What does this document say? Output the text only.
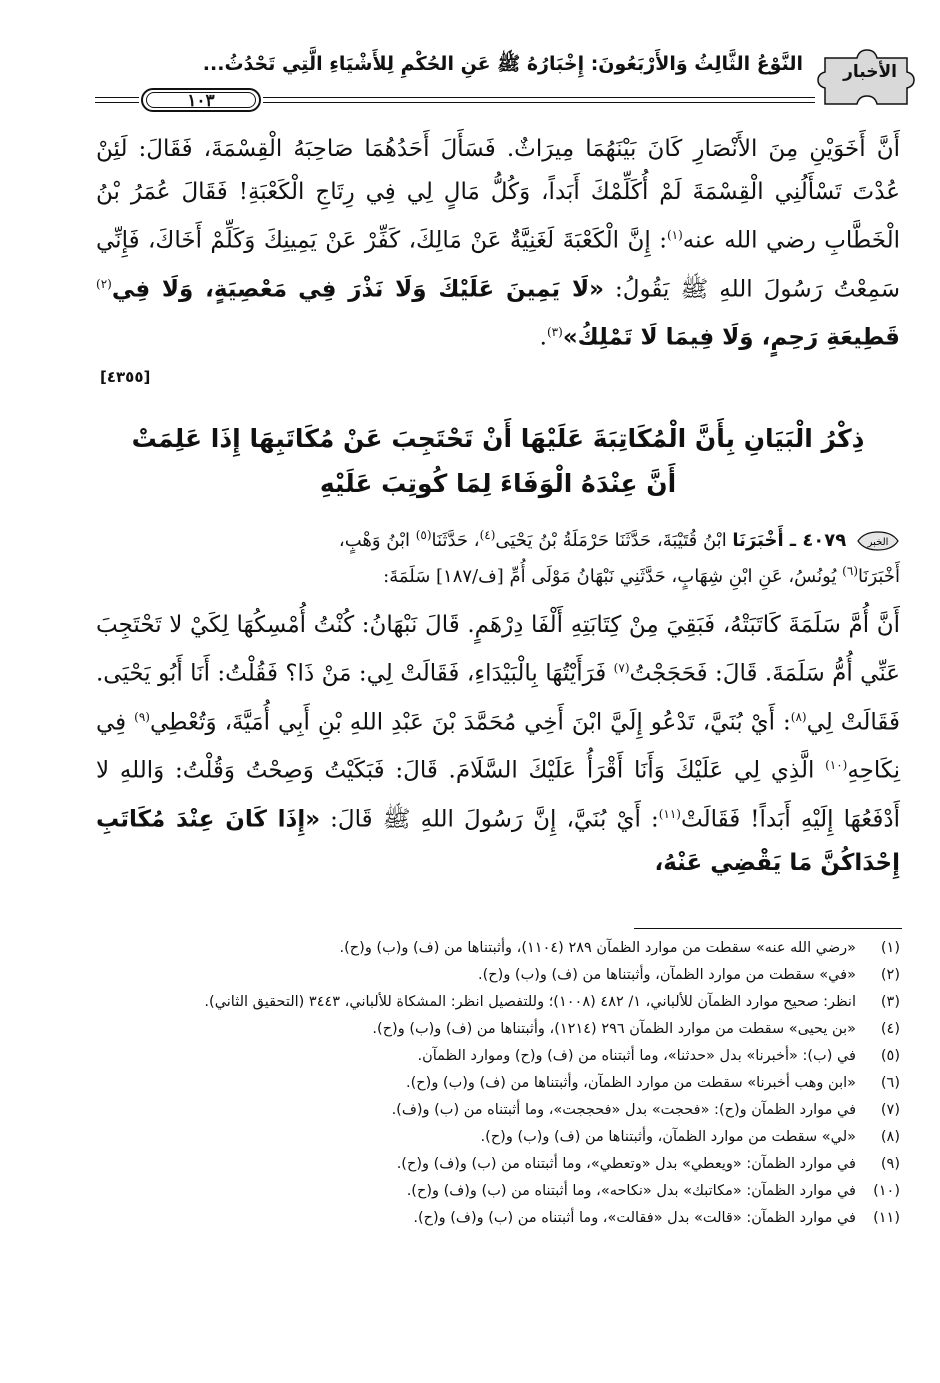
الأخبار
النَّوْعُ الثَّالِثُ وَالأَرْبَعُونَ: إِخْبَارُهُ ﷺ عَنِ الحُكْمِ لِلأَشْيَاءِ الَّتِي تَحْدُثُ...
١٠٣

أَنَّ أَخَوَيْنِ مِنَ الأَنْصَارِ كَانَ بَيْنَهُمَا مِيرَاثٌ. فَسَأَلَ أَحَدُهُمَا صَاحِبَهُ الْقِسْمَةَ، فَقَالَ: لَئِنْ عُدْتَ تَسْأَلُنِي الْقِسْمَةَ لَمْ أُكَلِّمْكَ أَبَداً، وَكُلُّ مَالٍ لِي فِي رِتَاجِ الْكَعْبَةِ! فَقَالَ عُمَرُ بْنُ الْخَطَّابِ رضي الله عنه$^{(١)}$: إِنَّ الْكَعْبَةَ لَغَنِيَّةٌ عَنْ مَالِكَ، كَفِّرْ عَنْ يَمِينِكَ وَكَلِّمْ أَخَاكَ، فَإِنِّي سَمِعْتُ رَسُولَ اللهِ ﷺ يَقُولُ: «لَا يَمِينَ عَلَيْكَ وَلَا نَذْرَ فِي مَعْصِيَةٍ، وَلَا فِي$^{(٢)}$ قَطِيعَةِ رَحِمٍ، وَلَا فِيمَا لَا تَمْلِكُ»$^{(٣)}$.

[٤٣٥٥]
ذِكْرُ الْبَيَانِ بِأَنَّ الْمُكَاتِبَةَ عَلَيْهَا أَنْ تَحْتَجِبَ عَنْ مُكَاتَبِهَا إِذَا عَلِمَتْ
أَنَّ عِنْدَهُ الْوَفَاءَ لِمَا كُوتِبَ عَلَيْهِ
الخبر
٤٠٧٩ ـ أَخْبَرَنَا ابْنُ قُتَيْبَةَ، حَدَّثَنَا حَرْمَلَةُ بْنُ يَحْيَى$^{(٤)}$، حَدَّثَنَا$^{(٥)}$ ابْنُ وَهْبٍ،
أَخْبَرَنَا$^{(٦)}$ يُونُسُ، عَنِ ابْنِ شِهَابٍ، حَدَّثَنِي نَبْهَانُ مَوْلَى أُمِّ [ف/١٨٧] سَلَمَةَ:

أَنَّ أُمَّ سَلَمَةَ كَاتَبَتْهُ، فَبَقِيَ مِنْ كِتَابَتِهِ أَلْفَا دِرْهَمٍ. قَالَ نَبْهَانُ: كُنْتُ أُمْسِكُهَا لِكَيْ لا تَحْتَجِبَ عَنِّي أُمُّ سَلَمَةَ. قَالَ: فَحَجَجْتُ$^{(٧)}$ فَرَأَيْتُهَا بِالْبَيْدَاءِ، فَقَالَتْ لِي: مَنْ ذَا؟ فَقُلْتُ: أَنَا أَبُو يَحْيَى. فَقَالَتْ لِي$^{(٨)}$: أَيْ بُنَيَّ، تَدْعُو إِلَيَّ ابْنَ أَخِي مُحَمَّدَ بْنَ عَبْدِ اللهِ بْنِ أَبِي أُمَيَّةَ، وَتُعْطِي$^{(٩)}$ فِي نِكَاحِهِ$^{(١٠)}$ الَّذِي لِي عَلَيْكَ وَأَنَا أَقْرَأُ عَلَيْكَ السَّلَامَ. قَالَ: فَبَكَيْتُ وَصِحْتُ وَقُلْتُ: وَاللهِ لا أَدْفَعُهَا إِلَيْهِ أَبَداً! فَقَالَتْ$^{(١١)}$: أَيْ بُنَيَّ، إِنَّ رَسُولَ اللهِ ﷺ قَالَ: «إِذَا كَانَ عِنْدَ مُكَاتَبِ إِحْدَاكُنَّ مَا يَقْضِي عَنْهُ،

(١)
«رضي الله عنه» سقطت من موارد الظمآن ٢٨٩ (١١٠٤)، وأثبتناها من (ف) و(ب) و(ح).
(٢)
«في» سقطت من موارد الظمآن، وأثبتناها من (ف) و(ب) و(ح).
(٣)
انظر: صحيح موارد الظمآن للألباني، ١/ ٤٨٢ (١٠٠٨)؛ وللتفصيل انظر: المشكاة للألباني، ٣٤٤٣ (التحقيق الثاني).
(٤)
«بن يحيى» سقطت من موارد الظمآن ٢٩٦ (١٢١٤)، وأثبتناها من (ف) و(ب) و(ح).
(٥)
في (ب): «أخبرنا» بدل «حدثنا»، وما أثبتناه من (ف) و(ح) وموارد الظمآن.
(٦)
«ابن وهب أخبرنا» سقطت من موارد الظمآن، وأثبتناها من (ف) و(ب) و(ح).
(٧)
في موارد الظمآن و(ح): «فحجت» بدل «فحججت»، وما أثبتناه من (ب) و(ف).
(٨)
«لي» سقطت من موارد الظمآن، وأثبتناها من (ف) و(ب) و(ح).
(٩)
في موارد الظمآن: «ويعطي» بدل «وتعطي»، وما أثبتناه من (ب) و(ف) و(ح).
(١٠)
في موارد الظمآن: «مكاتبك» بدل «نكاحه»، وما أثبتناه من (ب) و(ف) و(ح).
(١١)
في موارد الظمآن: «قالت» بدل «فقالت»، وما أثبتناه من (ب) و(ف) و(ح).
